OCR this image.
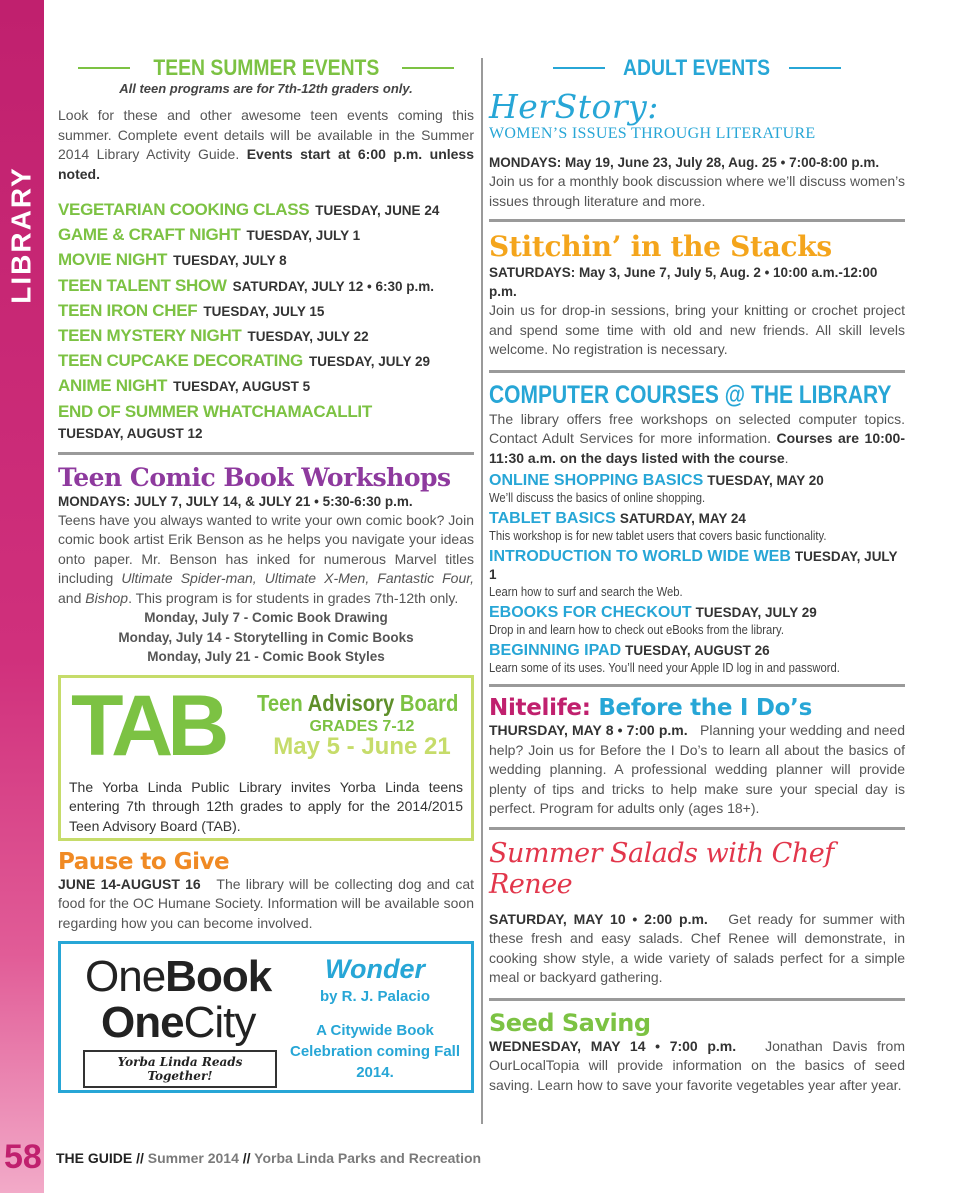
LIBRARY
TEEN SUMMER EVENTS
All teen programs are for 7th-12th graders only.

Look for these and other awesome teen events coming this summer. Complete event details will be available in the Summer 2014 Library Activity Guide. Events start at 6:00 p.m. unless noted.

VEGETARIAN COOKING CLASS TUESDAY, JUNE 24
GAME & CRAFT NIGHT TUESDAY, JULY 1
MOVIE NIGHT TUESDAY, JULY 8
TEEN TALENT SHOW SATURDAY, JULY 12 • 6:30 p.m.
TEEN IRON CHEF TUESDAY, JULY 15
TEEN MYSTERY NIGHT TUESDAY, JULY 22
TEEN CUPCAKE DECORATING TUESDAY, JULY 29
ANIME NIGHT TUESDAY, AUGUST 5
END OF SUMMER WHATCHAMACALLIT
TUESDAY, AUGUST 12
Teen Comic Book Workshops
MONDAYS: JULY 7, JULY 14, & JULY 21 • 5:30-6:30 p.m.

Teens have you always wanted to write your own comic book? Join comic book artist Erik Benson as he helps you navigate your ideas onto paper. Mr. Benson has inked for numerous Marvel titles including Ultimate Spider-man, Ultimate X-Men, Fantastic Four, and Bishop. This program is for students in grades 7th-12th only.

Monday, July 7 - Comic Book Drawing
Monday, July 14 - Storytelling in Comic Books
Monday, July 21 - Comic Book Styles
TAB Teen Advisory Board
GRADES 7-12
May 5 - June 21
The Yorba Linda Public Library invites Yorba Linda teens entering 7th through 12th grades to apply for the 2014/2015 Teen Advisory Board (TAB).
Pause to Give

JUNE 14-AUGUST 16 The library will be collecting dog and cat food for the OC Humane Society. Information will be available soon regarding how you can become involved.

OneBook
OneCity
Yorba Linda Reads Together!
Wonder
by R. J. Palacio
A Citywide Book Celebration coming Fall 2014.
ADULT EVENTS
HerStory:
WOMEN’S ISSUES THROUGH LITERATURE
MONDAYS: May 19, June 23, July 28, Aug. 25 • 7:00-8:00 p.m.

Join us for a monthly book discussion where we’ll discuss women’s issues through literature and more.

Stitchin’ in the Stacks
SATURDAYS: May 3, June 7, July 5, Aug. 2 • 10:00 a.m.-12:00 p.m.

Join us for drop-in sessions, bring your knitting or crochet project and spend some time with old and new friends. All skill levels welcome. No registration is necessary.

COMPUTER COURSES @ THE LIBRARY

The library offers free workshops on selected computer topics. Contact Adult Services for more information. Courses are 10:00-11:30 a.m. on the days listed with the course.

ONLINE SHOPPING BASICS TUESDAY, MAY 20
We’ll discuss the basics of online shopping.
TABLET BASICS SATURDAY, MAY 24
This workshop is for new tablet users that covers basic functionality.
INTRODUCTION TO WORLD WIDE WEB TUESDAY, JULY 1
Learn how to surf and search the Web.
EBOOKS FOR CHECKOUT TUESDAY, JULY 29
Drop in and learn how to check out eBooks from the library.
BEGINNING IPAD TUESDAY, AUGUST 26
Learn some of its uses. You’ll need your Apple ID log in and password.
Nitelife: Before the I Do’s

THURSDAY, MAY 8 • 7:00 p.m. Planning your wedding and need help? Join us for Before the I Do’s to learn all about the basics of wedding planning. A professional wedding planner will provide plenty of tips and tricks to help make sure your special day is perfect. Program for adults only (ages 18+).

Summer Salads with Chef Renee

SATURDAY, MAY 10 • 2:00 p.m. Get ready for summer with these fresh and easy salads. Chef Renee will demonstrate, in cooking show style, a wide variety of salads perfect for a simple meal or backyard gathering.

Seed Saving

WEDNESDAY, MAY 14 • 7:00 p.m. Jonathan Davis from OurLocalTopia will provide information on the basics of seed saving. Learn how to save your favorite vegetables year after year.

58 THE GUIDE // Summer 2014 // Yorba Linda Parks and Recreation
